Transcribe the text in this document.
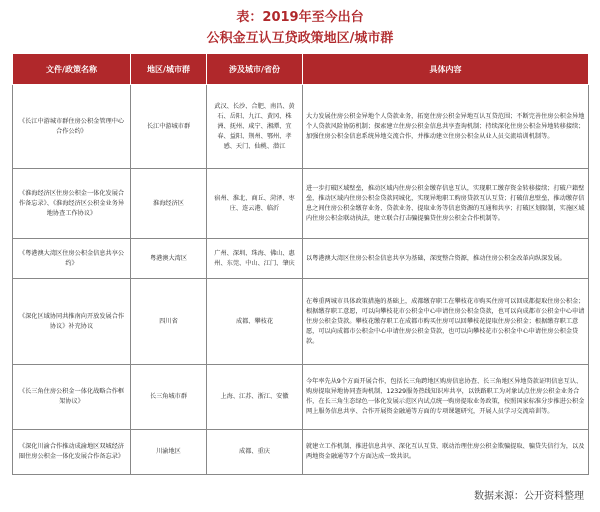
表：2019年至今出台
公积金互认互贷政策地区/城市群
文件/政策名称	地区/城市群	涉及城市/省份	具体内容
《长江中游城市群住房公积金管理中心合作公约》	长江中游城市群	武汉、长沙、合肥、南昌、黄石、岳阳、九江、黄冈、株洲、抚州、咸宁、湘潭、宜春、益阳、荆州、鄂州、孝感、天门、仙桃、潜江	大力发展住房公积金异地个人贷款业务，拓宽住房公积金异地互认互贷范围；不断完善住房公积金异地个人贷款风险协防机制；探索建立住房公积金信息共享查询机制；持续深化住房公积金异地转移接续；加强住房公积金信息系统异地交流合作，并推动建立住房公积金从业人员交流培训机制等。
《淮海经济区住房公积金一体化发展合作备忘录》、《淮海经济区公积金业务异地协查工作协议》	淮海经济区	宿州、淮北、商丘、菏泽、枣庄、连云港、临沂	进一步打破区域壁垒，推动区域内住房公积金缴存信息互认，实现职工缴存资金转移接续；打破户籍壁垒，推动区域内住房公积金贷款同城化，实现异地职工购房贷款互认互贷；打破信息壁垒，推动缴存信息之间住房公积金缴存业务、贷款业务、提取业务等信息资源的互通和共享；打破区划限制，实施区域内住房公积金联动执法，建立联合打击骗提骗贷住房公积金合作机制等。
《粤港澳大湾区住房公积金信息共享公约》	粤港澳大湾区	广州、深圳、珠海、佛山、惠州、东莞、中山、江门、肇庆	以粤港澳大湾区住房公积金信息共享为基础，深度整合资源，推动住房公积金改革向纵深发展。
《深化区域协同共推南向开放发展合作协议》补充协议	四川省	成都、攀枝花	在尊重两城市具体政策措施的基础上，成都缴存职工在攀枝花市购买住房可以回成都提取住房公积金；根据缴存职工意愿，可以向攀枝花市公积金中心申请住房公积金贷款，也可以向成都市公积金中心申请住房公积金贷款。攀枝花缴存职工在成都市购买住房可以回攀枝花提取住房公积金；根据缴存职工意愿，可以向成都市公积金中心申请住房公积金贷款，也可以向攀枝花市公积金中心申请住房公积金贷款。
《长三角住房公积金一体化战略合作框架协议》	长三角城市群	上海、江苏、浙江、安徽	今年率先从9个方面开展合作，包括长三角跨地区购房信息协查、长三角地区异地贷款证明信息互认、购房提取异地协同查询机制、12329服务热线知识库共享，以铁路职工为对象试点住房公积金业务合作，在长三角生态绿色一体化发展示范区内试点统一购房提取业务政策，按照国家标准分步推进公积金网上服务信息共享、合作开展资金融通等方面的专项课题研究，开展人员学习交流培训等。
《深化川渝合作推动成渝地区双城经济圈住房公积金一体化发展合作备忘录》	川渝地区	成都、重庆	就建立工作机制、推进信息共享、深化互认互贷、联动治理住房公积金欺骗提取、骗贷失信行为，以及两地资金融通等7个方面达成一致共识。
数据来源：公开资料整理
